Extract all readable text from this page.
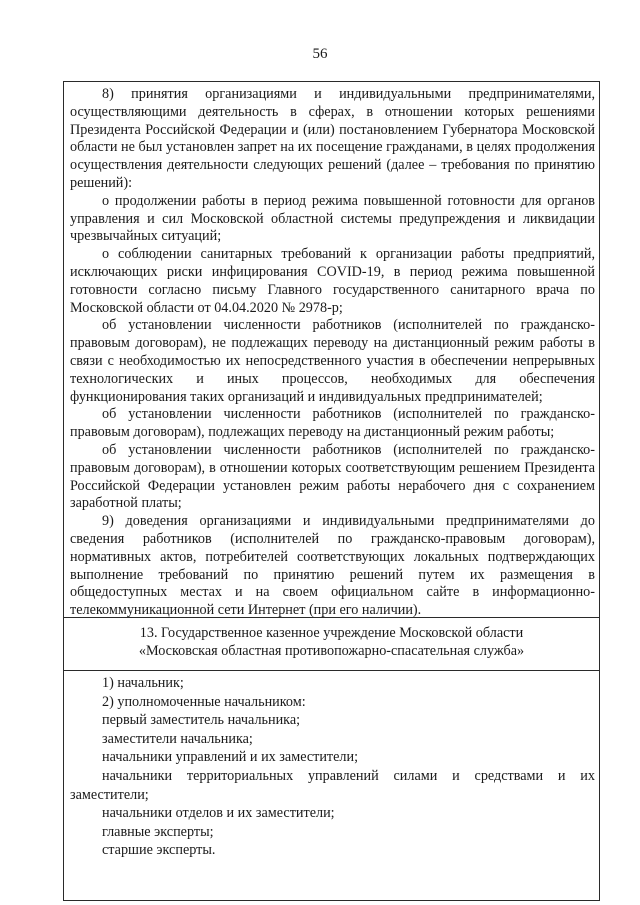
56

8) принятия организациями и индивидуальными предпринимателями, осуществляющими деятельность в сферах, в отношении которых решениями Президента Российской Федерации и (или) постановлением Губернатора Московской области не был установлен запрет на их посещение гражданами, в целях продолжения осуществления деятельности следующих решений (далее – требования по принятию решений):

о продолжении работы в период режима повышенной готовности для органов управления и сил Московской областной системы предупреждения и ликвидации чрезвычайных ситуаций;

о соблюдении санитарных требований к организации работы предприятий, исключающих риски инфицирования COVID-19, в период режима повышенной готовности согласно письму Главного государственного санитарного врача по Московской области от 04.04.2020 № 2978-р;

об установлении численности работников (исполнителей по гражданско-правовым договорам), не подлежащих переводу на дистанционный режим работы в связи с необходимостью их непосредственного участия в обеспечении непрерывных технологических и иных процессов, необходимых для обеспечения функционирования таких организаций и индивидуальных предпринимателей;

об установлении численности работников (исполнителей по гражданско-правовым договорам), подлежащих переводу на дистанционный режим работы;

об установлении численности работников (исполнителей по гражданско-правовым договорам), в отношении которых соответствующим решением Президента Российской Федерации установлен режим работы нерабочего дня с сохранением заработной платы;

9) доведения организациями и индивидуальными предпринимателями до сведения работников (исполнителей по гражданско-правовым договорам), нормативных актов, потребителей соответствующих локальных подтверждающих выполнение требований по принятию решений путем их размещения в общедоступных местах и на своем официальном сайте в информационно-телекоммуникационной сети Интернет (при его наличии).

13. Государственное казенное учреждение Московской области
«Московская областная противопожарно-спасательная служба»

1) начальник;

2) уполномоченные начальником:

первый заместитель начальника;

заместители начальника;

начальники управлений и их заместители;

начальники территориальных управлений силами и средствами и их заместители;

начальники отделов и их заместители;

главные эксперты;

старшие эксперты.
